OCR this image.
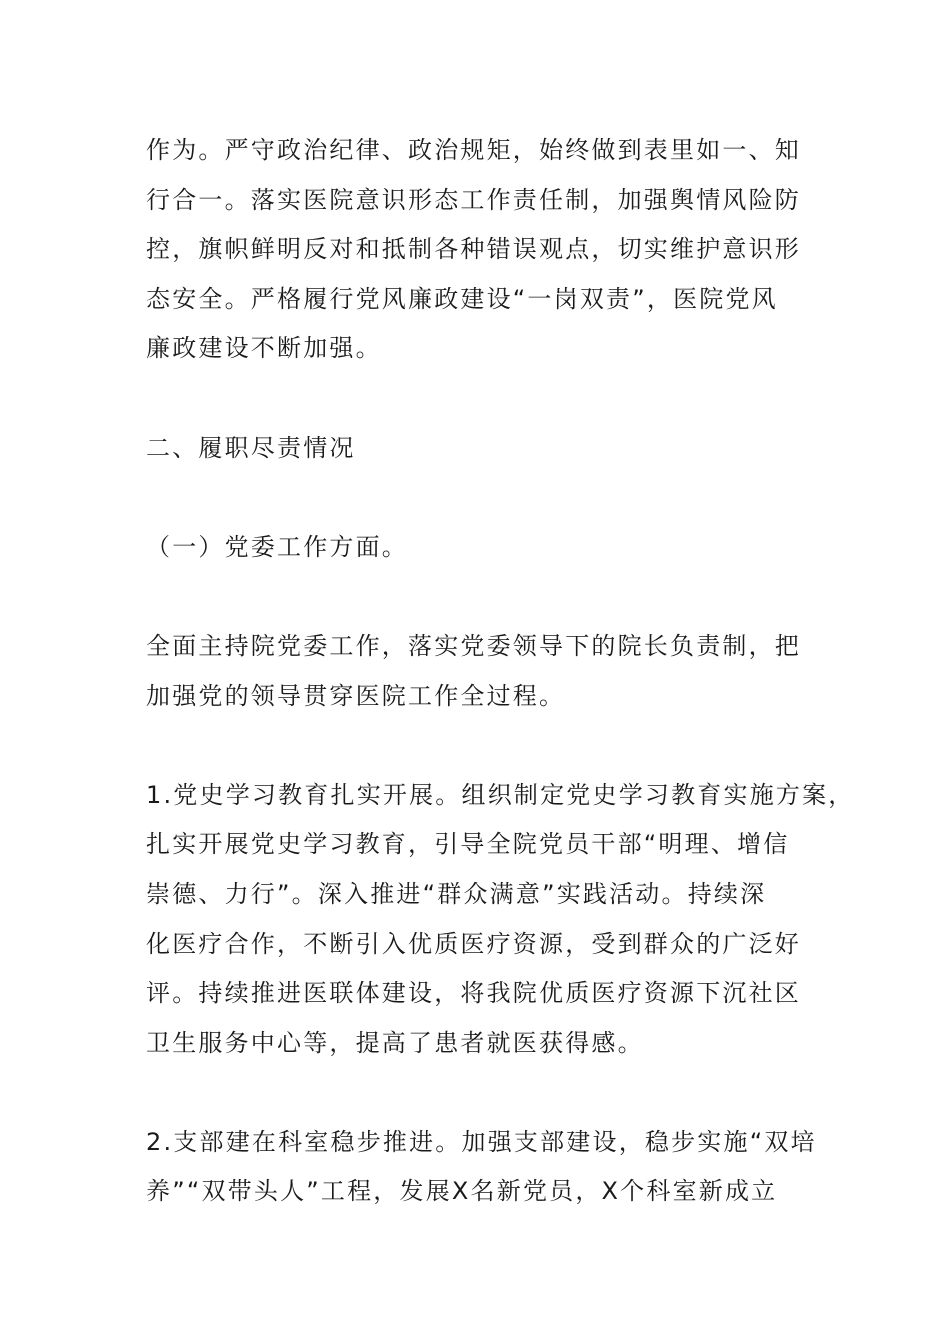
作为。严守政治纪律、政治规矩，始终做到表里如一、知
行合一。落实医院意识形态工作责任制，加强舆情风险防
控，旗帜鲜明反对和抵制各种错误观点，切实维护意识形
态安全。严格履行党风廉政建设“一岗双责”，医院党风
廉政建设不断加强。
二、履职尽责情况
（一）党委工作方面。
全面主持院党委工作，落实党委领导下的院长负责制，把
加强党的领导贯穿医院工作全过程。
1.党史学习教育扎实开展。组织制定党史学习教育实施方案，
扎实开展党史学习教育，引导全院党员干部“明理、增信
崇德、力行”。深入推进“群众满意”实践活动。持续深
化医疗合作，不断引入优质医疗资源，受到群众的广泛好
评。持续推进医联体建设，将我院优质医疗资源下沉社区
卫生服务中心等，提高了患者就医获得感。
2.支部建在科室稳步推进。加强支部建设，稳步实施“双培
养”“双带头人”工程，发展X名新党员，X个科室新成立
